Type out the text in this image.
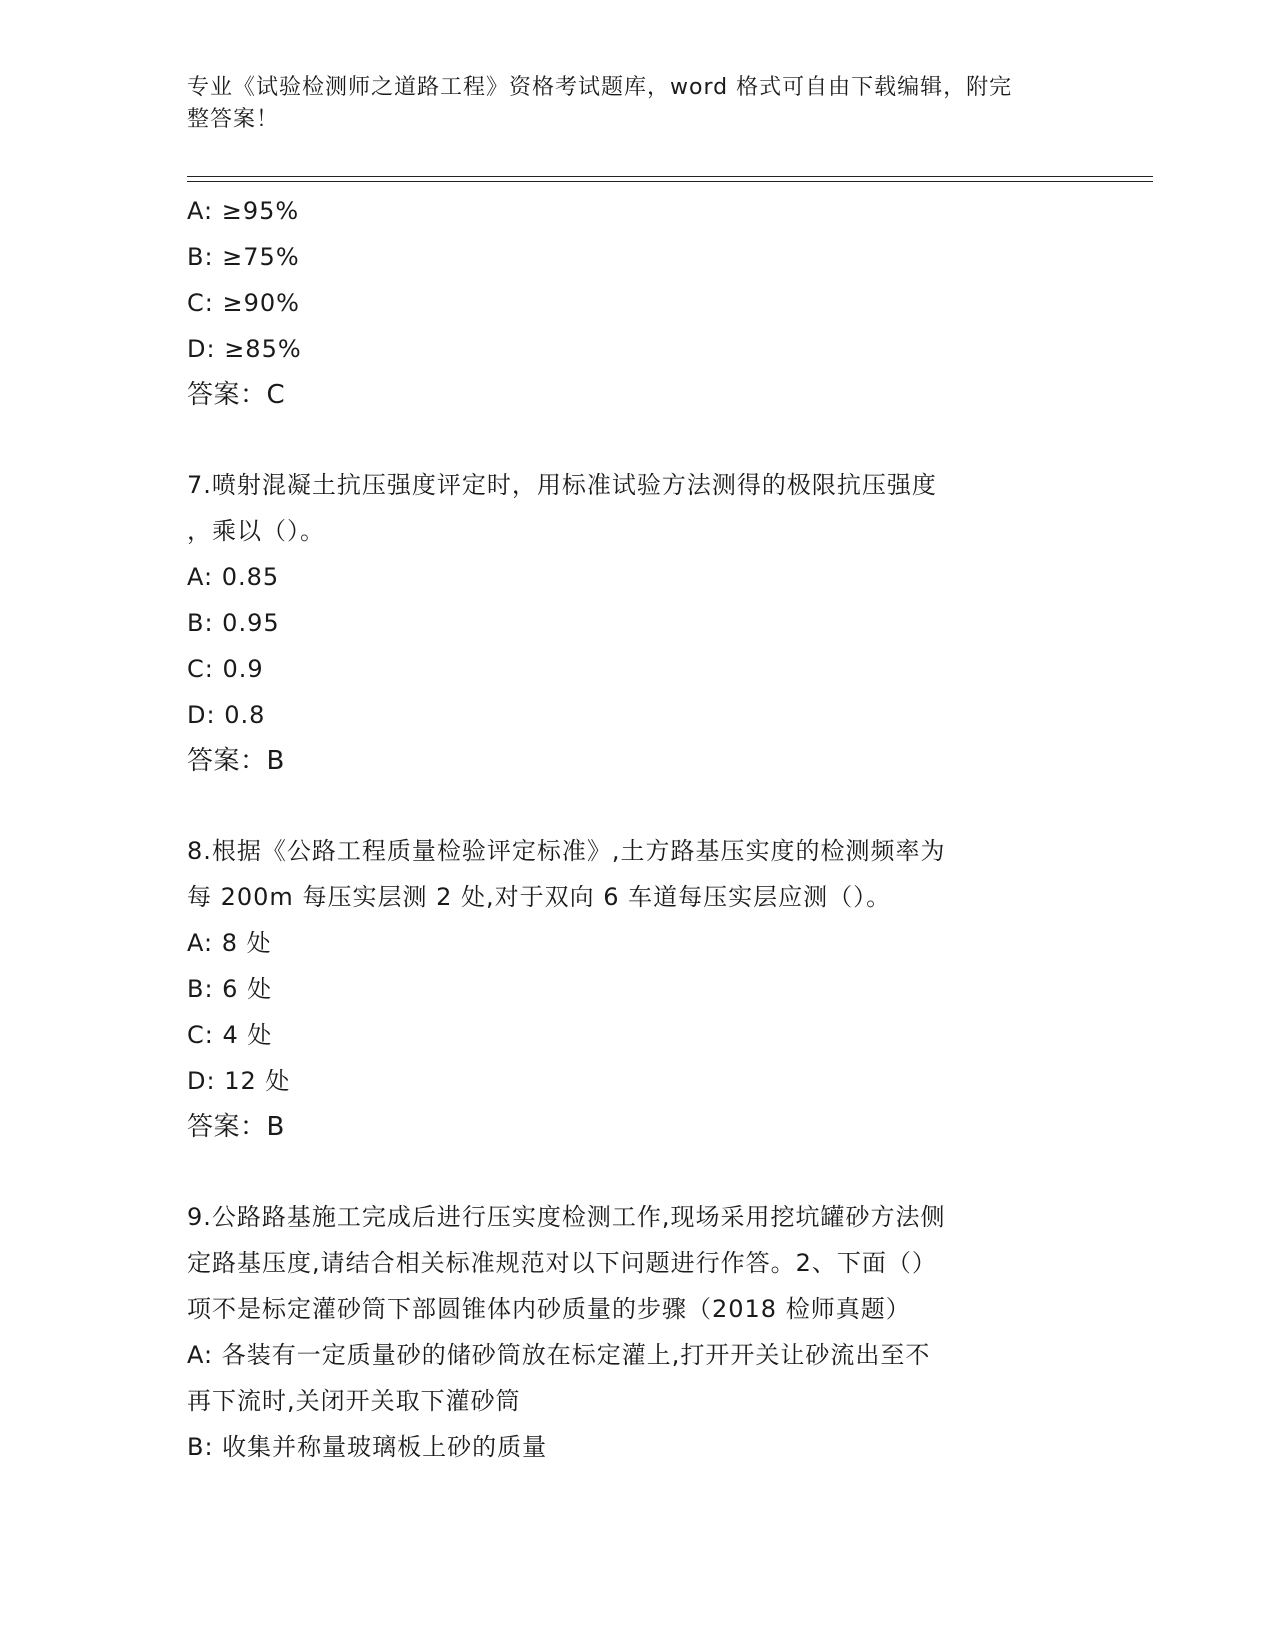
专业《试验检测师之道路工程》资格考试题库，word 格式可自由下载编辑，附完
整答案！
A: ≥95%
B: ≥75%
C: ≥90%
D: ≥85%
答案：C
7.喷射混凝土抗压强度评定时，用标准试验方法测得的极限抗压强度
，乘以（）。
A: 0.85
B: 0.95
C: 0.9
D: 0.8
答案：B
8.根据《公路工程质量检验评定标准》,土方路基压实度的检测频率为
每 200m 每压实层测 2 处,对于双向 6 车道每压实层应测（）。
A: 8 处
B: 6 处
C: 4 处
D: 12 处
答案：B
9.公路路基施工完成后进行压实度检测工作,现场采用挖坑罐砂方法侧
定路基压度,请结合相关标准规范对以下问题进行作答。2、下面（）
项不是标定灌砂筒下部圆锥体内砂质量的步骤（2018 检师真题）
A: 各装有一定质量砂的储砂筒放在标定灌上,打开开关让砂流出至不
再下流时,关闭开关取下灌砂筒
B: 收集并称量玻璃板上砂的质量
